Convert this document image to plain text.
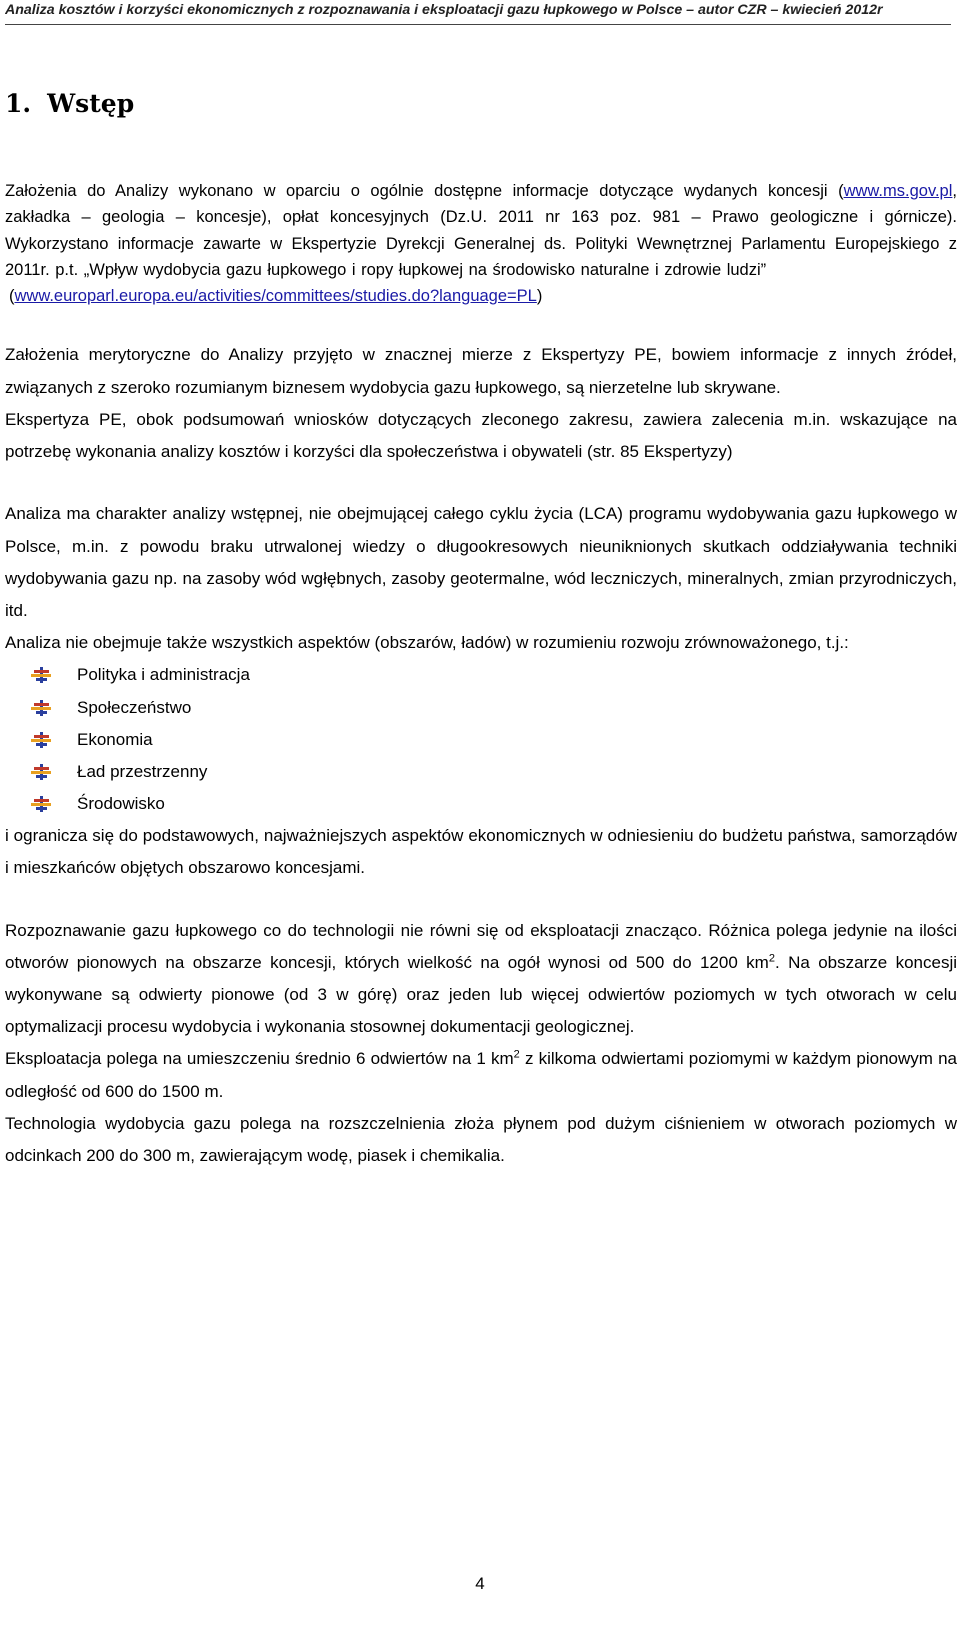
Analiza kosztów i korzyści ekonomicznych z rozpoznawania i eksploatacji gazu łupkowego w Polsce – autor CZR – kwiecień 2012r
1. Wstęp

Założenia do Analizy wykonano w oparciu o ogólnie dostępne informacje dotyczące wydanych koncesji (www.ms.gov.pl, zakładka – geologia – koncesje), opłat koncesyjnych (Dz.U. 2011 nr 163 poz. 981 – Prawo geologiczne i górnicze). Wykorzystano informacje zawarte w Ekspertyzie Dyrekcji Generalnej ds. Polityki Wewnętrznej Parlamentu Europejskiego z 2011r. p.t. „Wpływ wydobycia gazu łupkowego i ropy łupkowej na środowisko naturalne i zdrowie ludzi”
(www.europarl.europa.eu/activities/committees/studies.do?language=PL)

Założenia merytoryczne do Analizy przyjęto w znacznej mierze z Ekspertyzy PE, bowiem informacje z innych źródeł, związanych z szeroko rozumianym biznesem wydobycia gazu łupkowego, są nierzetelne lub skrywane.

Ekspertyza PE, obok podsumowań wniosków dotyczących zleconego zakresu, zawiera zalecenia m.in. wskazujące na potrzebę wykonania analizy kosztów i korzyści dla społeczeństwa i obywateli (str. 85 Ekspertyzy)

Analiza ma charakter analizy wstępnej, nie obejmującej całego cyklu życia (LCA) programu wydobywania gazu łupkowego w Polsce, m.in. z powodu braku utrwalonej wiedzy o długookresowych nieuniknionych skutkach oddziaływania techniki wydobywania gazu np. na zasoby wód wgłębnych, zasoby geotermalne, wód leczniczych, mineralnych, zmian przyrodniczych, itd.

Analiza nie obejmuje także wszystkich aspektów (obszarów, ładów) w rozumieniu rozwoju zrównoważonego, t.j.:

Polityka i administracja
Społeczeństwo
Ekonomia
Ład przestrzenny
Środowisko

i ogranicza się do podstawowych, najważniejszych aspektów ekonomicznych w odniesieniu do budżetu państwa, samorządów i mieszkańców objętych obszarowo koncesjami.

Rozpoznawanie gazu łupkowego co do technologii nie równi się od eksploatacji znacząco. Różnica polega jedynie na ilości otworów pionowych na obszarze koncesji, których wielkość na ogół wynosi od 500 do 1200 $km^2$. Na obszarze koncesji wykonywane są odwierty pionowe (od 3 w górę) oraz jeden lub więcej odwiertów poziomych w tych otworach w celu optymalizacji procesu wydobycia i wykonania stosownej dokumentacji geologicznej.

Eksploatacja polega na umieszczeniu średnio 6 odwiertów na 1 $km^2$ z kilkoma odwiertami poziomymi w każdym pionowym na odległość od 600 do 1500 m.

Technologia wydobycia gazu polega na rozszczelnienia złoża płynem pod dużym ciśnieniem w otworach poziomych w odcinkach 200 do 300 m, zawierającym wodę, piasek i chemikalia.

4
